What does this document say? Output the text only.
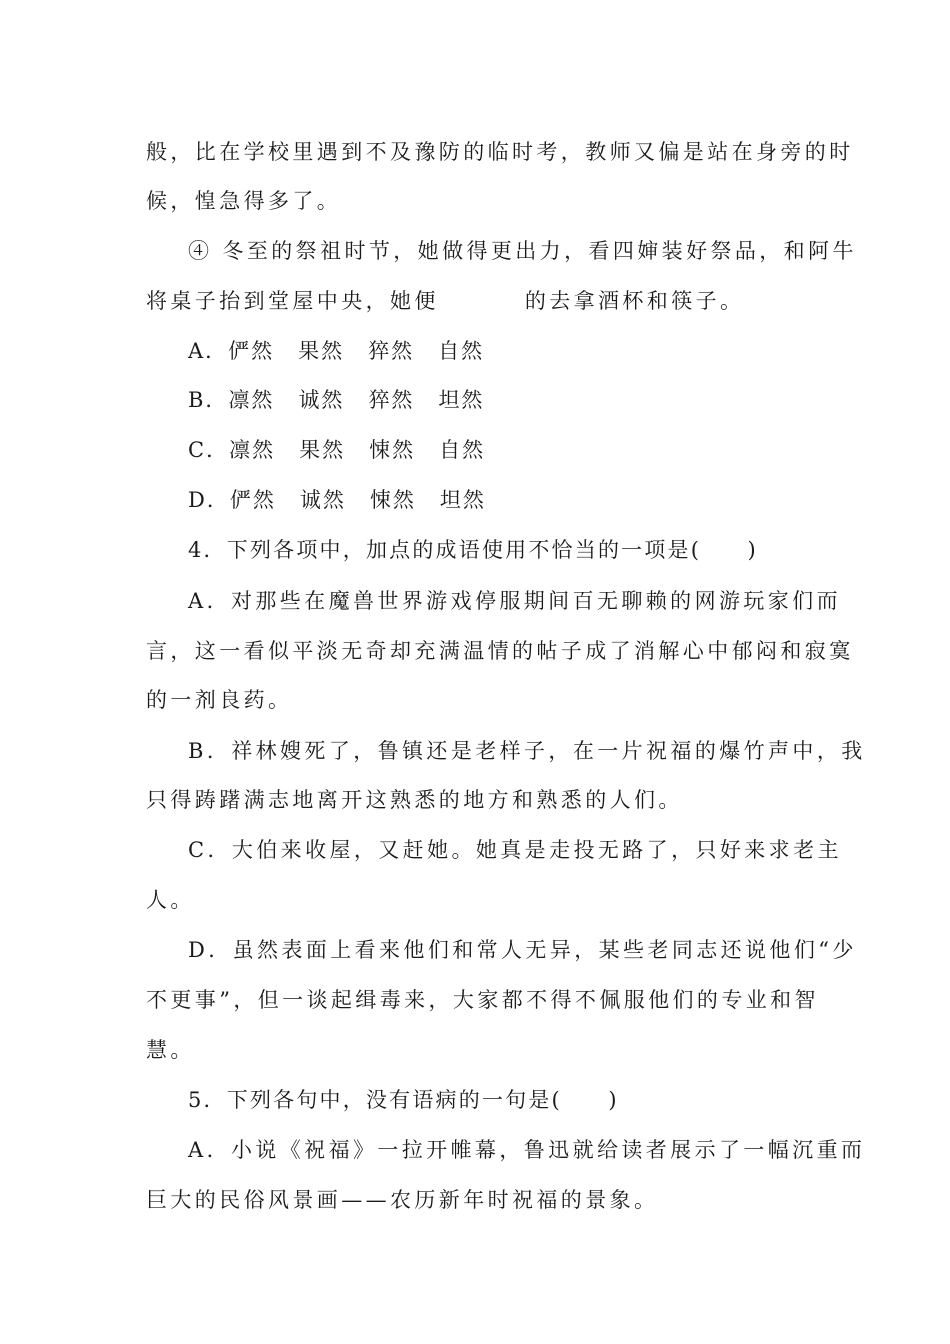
般，比在学校里遇到不及豫防的临时考，教师又偏是站在身旁的时
候，惶急得多了。
④ 冬至的祭祖时节，她做得更出力，看四婶装好祭品，和阿牛
将桌子抬到堂屋中央，她便	的去拿酒杯和筷子。
A．俨然 果然 猝然 自然
B．凛然 诚然 猝然 坦然
C．凛然 果然 悚然 自然
D．俨然 诚然 悚然 坦然
4．下列各项中，加点的成语使用不恰当的一项是(　　)
A．对那些在魔兽世界游戏停服期间百无聊赖的网游玩家们而
言，这一看似平淡无奇却充满温情的帖子成了消解心中郁闷和寂寞
的一剂良药。
B．祥林嫂死了，鲁镇还是老样子，在一片祝福的爆竹声中，我
只得踌躇满志地离开这熟悉的地方和熟悉的人们。
C．大伯来收屋，又赶她。她真是走投无路了，只好来求老主
人。
D．虽然表面上看来他们和常人无异，某些老同志还说他们“少
不更事”，但一谈起缉毒来，大家都不得不佩服他们的专业和智
慧。
5．下列各句中，没有语病的一句是(　　)
A．小说《祝福》一拉开帷幕，鲁迅就给读者展示了一幅沉重而
巨大的民俗风景画——农历新年时祝福的景象。
